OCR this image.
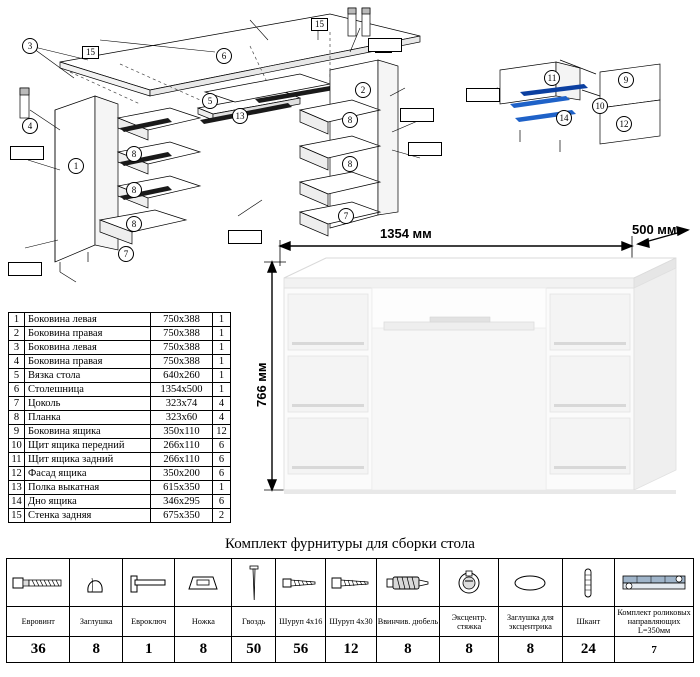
1
2
3
4
5
6
7
7
8
8
8
8
8
13
9
10
11
12
14
15
15
1	Боковина левая	750х388	1
2	Боковина правая	750х388	1
3	Боковина левая	750х388	1
4	Боковина правая	750х388	1
5	Вязка стола	640х260	1
6	Столешница	1354х500	1
7	Цоколь	323х74	4
8	Планка	323х60	4
9	Боковина ящика	350х110	12
10	Щит ящика передний	266х110	6
11	Щит ящика задний	266х110	6
12	Фасад ящика	350х200	6
13	Полка выкатная	615х350	1
14	Дно ящика	346х295	6
15	Стенка задняя	675х350	2
1354 мм	500 мм
766 мм
Комплект фурнитуры для сборки стола

Евровинт	Заглушка	Евроключ	Ножка	Гвоздь	Шуруп 4х16	Шуруп 4х30	Ввинчив. дюбель	Эксцентр. стяжка	Заглушка для эксцентрика	Шкант	Комплект роликовых направляющих L=350мм
36	8	1	8	50	56	12	8	8	8	24	7
